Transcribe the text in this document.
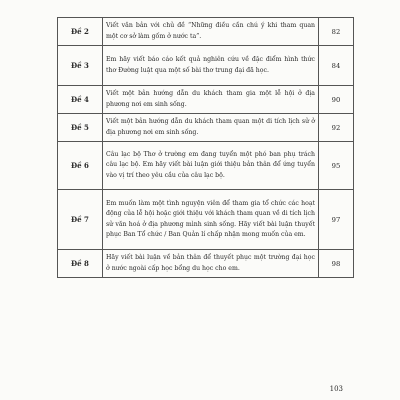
Đề 2	Viết văn bản với chủ đề “Những điều cần chú ý khi tham quan một cơ sở làm gốm ở nước ta”.	82
Đề 3	Em hãy viết báo cáo kết quả nghiên cứu về đặc điểm hình thức thơ Đường luật qua một số bài thơ trung đại đã học.	84
Đề 4	Viết một bản hướng dẫn du khách tham gia một lễ hội ở địa phương nơi em sinh sống.	90
Đề 5	Viết một bản hướng dẫn du khách tham quan một di tích lịch sử ở địa phương nơi em sinh sống.	92
Đề 6	Câu lạc bộ Thơ ở trường em đang tuyển một phó ban phụ trách câu lạc bộ. Em hãy viết bài luận giới thiệu bản thân để ứng tuyển vào vị trí theo yêu cầu của câu lạc bộ.	95
Đề 7	Em muốn làm một tình nguyện viên để tham gia tổ chức các hoạt động của lễ hội hoặc giới thiệu với khách tham quan về di tích lịch sử văn hoá ở địa phương mình sinh sống. Hãy viết bài luận thuyết phục Ban Tổ chức / Ban Quản lí chấp nhận mong muốn của em.	97
Đề 8	Hãy viết bài luận về bản thân để thuyết phục một trường đại học ở nước ngoài cấp học bổng du học cho em.	98
103
